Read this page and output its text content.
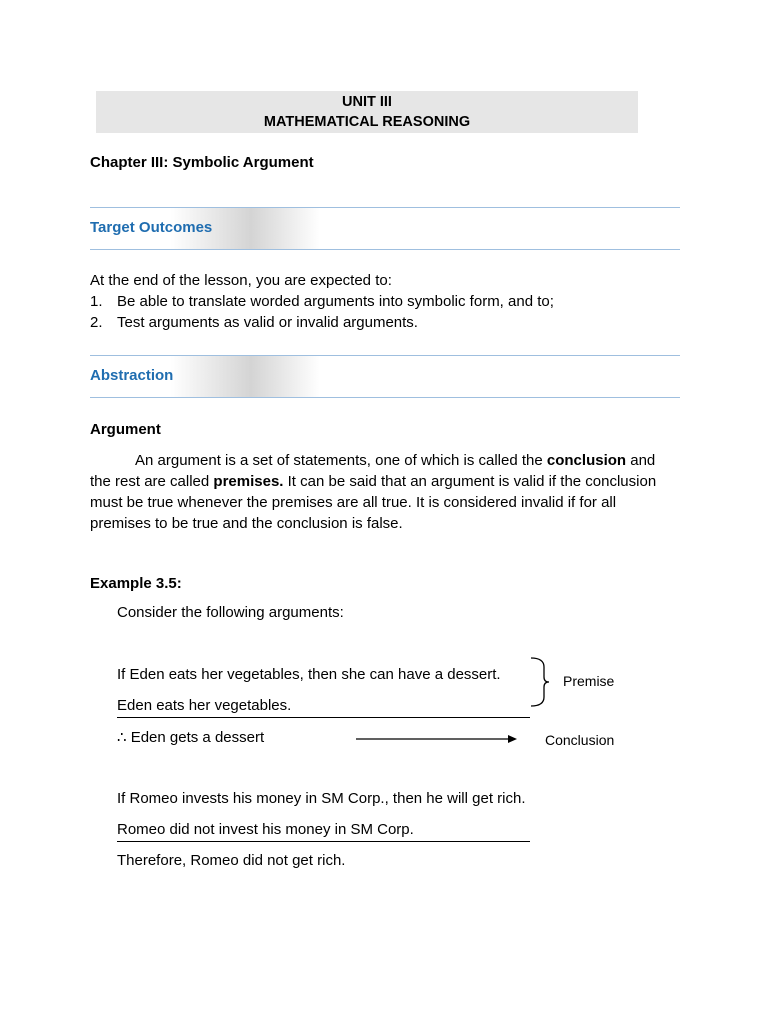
UNIT III
MATHEMATICAL REASONING
Chapter III: Symbolic Argument
Target Outcomes
At the end of the lesson, you are expected to:
1. Be able to translate worded arguments into symbolic form, and to;
2. Test arguments as valid or invalid arguments.
Abstraction
Argument
An argument is a set of statements, one of which is called the conclusion and the rest are called premises. It can be said that an argument is valid if the conclusion must be true whenever the premises are all true. It is considered invalid if for all premises to be true and the conclusion is false.
Example 3.5:
Consider the following arguments:
If Eden eats her vegetables, then she can have a dessert.
Eden eats her vegetables.
∴ Eden gets a dessert
Premise
Conclusion
If Romeo invests his money in SM Corp., then he will get rich.
Romeo did not invest his money in SM Corp.
Therefore, Romeo did not get rich.
